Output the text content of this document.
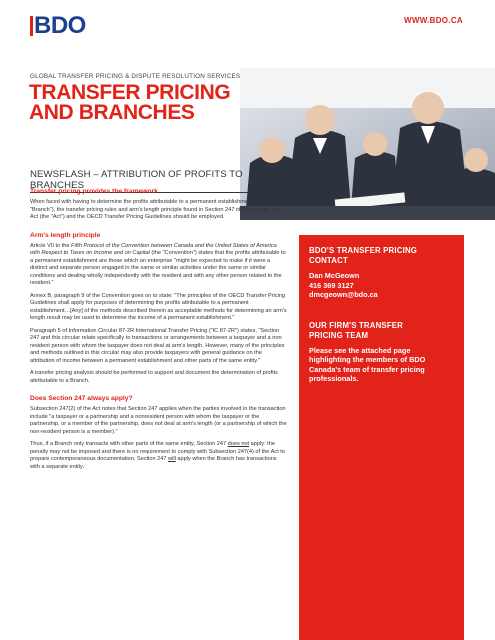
BDO	WWW.BDO.CA
GLOBAL TRANSFER PRICING & DISPUTE RESOLUTION SERVICES
TRANSFER PRICING
AND BRANCHES
NEWSFLASH – ATTRIBUTION OF PROFITS TO BRANCHES
Transfer pricing provides the framework
When faced with having to determine the profits attributable to a permanent establishment (i.e., a "Branch"), the transfer pricing rules and arm's length principle found in Section 247 of the Income Tax Act (the "Act") and the OECD Transfer Pricing Guidelines should be employed.
Arm's length principle
Article VII to the Fifth Protocol of the Convention between Canada and the United States of America with Respect to Taxes on Income and on Capital (the "Convention") states that the profits attributable to a permanent establishment are those which an enterprise "might be expected to make if it were a distinct and separate person engaged in the same or similar activities under the same or similar conditions and dealing wholly independently with the resident and with any other person related to the resident."
Annex B, paragraph 9 of the Convention goes on to state: "The principles of the OECD Transfer Pricing Guidelines shall apply for purposes of determining the profits attributable to a permanent establishment…[Any] of the methods described therein as acceptable methods for determining an arm's length result may be used to determine the income of a permanent establishment."
Paragraph 5 of Information Circular 87-2R International Transfer Pricing ("IC 87-2R") states, "Section 247 and this circular relate specifically to transactions or arrangements between a taxpayer and a non resident person with whom the taxpayer does not deal at arm's length. However, many of the principles and methods outlined in this circular may also provide taxpayers with general guidance on the attribution of income between a permanent establishment and other parts of the same entity."
A transfer pricing analysis should be performed to support and document the determination of profits attributable to a Branch.
Does Section 247 always apply?
Subsection 247(2) of the Act notes that Section 247 applies when the parties involved in the transaction include "a taxpayer or a partnership and a nonresident person with whom the taxpayer or the partnership, or a member of the partnership, does not deal at arm's length (or a partnership of which the non-resident person is a member)."
Thus, if a Branch only transacts with other parts of the same entity, Section 247 does not apply: the penalty may not be imposed and there is no requirement to comply with Subsection 247(4) of the Act to prepare contemporaneous documentation. Section 247 will apply when the Branch has transactions with a separate entity.
BDO'S TRANSFER PRICING
CONTACT
Dan McGeown
416 369 3127
dmcgeown@bdo.ca
OUR FIRM'S TRANSFER
PRICING TEAM
Please see the attached page highlighting the members of BDO Canada's team of transfer pricing professionals.
